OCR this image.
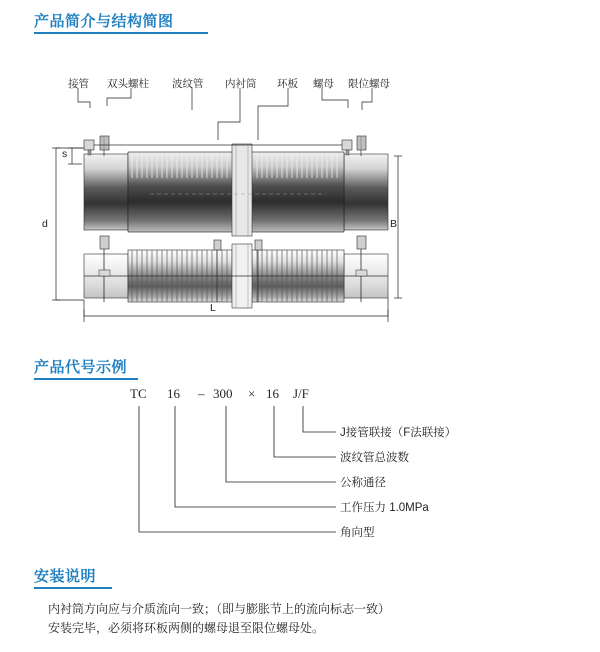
产品简介与结构简图
产品代号示例
安装说明
接管 双头螺柱 波纹管 内衬筒 环板 螺母 限位螺母
s
d	B
L
TC 16 – 300 × 16 J/F
J接管联接（F法联接）
波纹管总波数
公称通径
工作压力 1.0MPa
角向型
内衬筒方向应与介质流向一致；（即与膨胀节上的流向标志一致）
安装完毕，必须将环板两侧的螺母退至限位螺母处。
